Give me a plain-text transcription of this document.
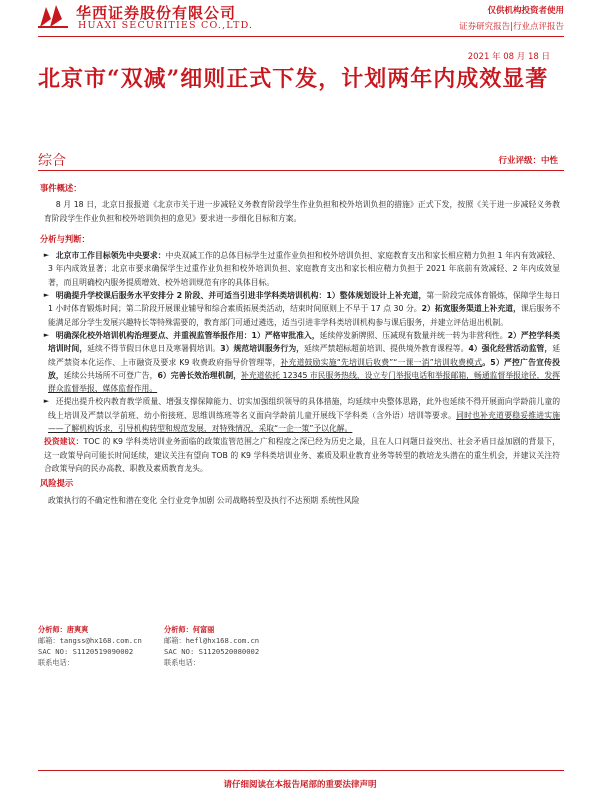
华西证券股份有限公司
HUAXI SECURITIES CO.,LTD.
仅供机构投资者使用
证券研究报告|行业点评报告
2021 年 08 月 18 日
北京市“双减”细则正式下发，计划两年内成效显著
综合	行业评级：中性
事件概述：

8 月 18 日，北京日报报道《北京市关于进一步减轻义务教育阶段学生作业负担和校外培训负担的措施》正式下发，按照《关于进一步减轻义务教育阶段学生作业负担和校外培训负担的意见》要求进一步细化目标和方案。

分析与判断：

► 北京市工作目标领先中央要求：中央双减工作的总体目标学生过重作业负担和校外培训负担、家庭教育支出和家长相应精力负担 1 年内有效减轻、3 年内成效显著；北京市要求确保学生过重作业负担和校外培训负担、家庭教育支出和家长相应精力负担于 2021 年底前有效减轻、2 年内成效显著，而且明确校内服务提质增效、校外培训规范有序的具体目标。

► 明确提升学校课后服务水平安排分 2 阶段、并可适当引进非学科类培训机构：1）整体规划设计上补充道，第一阶段完成体育锻炼，保障学生每日 1 小时体育锻炼时间；第二阶段开展课业辅导和综合素质拓展类活动，结束时间原则上不早于 17 点 30 分。2）拓宽服务渠道上补充道，课后服务不能满足部分学生发展兴趣特长等特殊需要的，教育部门可通过遴选，适当引进非学科类培训机构参与课后服务，并建立评估退出机制。

► 明确深化校外培训机构治理要点、并重视监管举报作用：1）严格审批准入，延续停发新牌照、压减现有数量并统一转为非营利性。2）严控学科类培训时间，延续不得节假日休息日及寒暑假培训。3）规范培训服务行为，延续严禁超标超前培训、提供境外教育课程等。4）强化经营活动监管，延续严禁资本化运作、上市融资及要求 K9 收费政府指导价管理等，补充道鼓励实施“先培训后收费”“一课一消”培训收费模式。5）严控广告宣传投放，延续公共场所不可登广告，6）完善长效治理机制，补充道依托 12345 市民服务热线，设立专门举报电话和举报邮箱，畅通监督举报途径，发挥群众监督举报、媒体监督作用。

► 还提出提升校内教育教学质量、增强支撑保障能力、切实加强组织领导的具体措施，均延续中央整体思路，此外也延续不得开展面向学龄前儿童的线上培训及严禁以学前班、幼小衔接班、思维训练班等名义面向学龄前儿童开展线下学科类（含外语）培训等要求。同时也补充道要稳妥推进实施——了解机构诉求，引导机构转型和规范发展，对特殊情况，采取“一企一策”予以化解。

投资建议：TOC 的 K9 学科类培训业务面临的政策监管范围之广和程度之深已经为历史之最，且在人口问题日益突出、社会矛盾日益加剧的背景下，这一政策导向可能长时间延续，建议关注有望向 TOB 的 K9 学科类培训业务、素质及职业教育业务等转型的教培龙头潜在的重生机会，并建议关注符合政策导向的民办高教、职教及素质教育龙头。

风险提示

政策执行的不确定性和潜在变化 全行业竞争加剧 公司战略转型及执行不达预期 系统性风险

分析师：唐爽爽
邮箱：tangss@hx168.com.cn
SAC NO: S1120519090002
联系电话：
分析师：何富丽
邮箱：hefl@hx168.com.cn
SAC NO: S1120520080002
联系电话：
请仔细阅读在本报告尾部的重要法律声明
